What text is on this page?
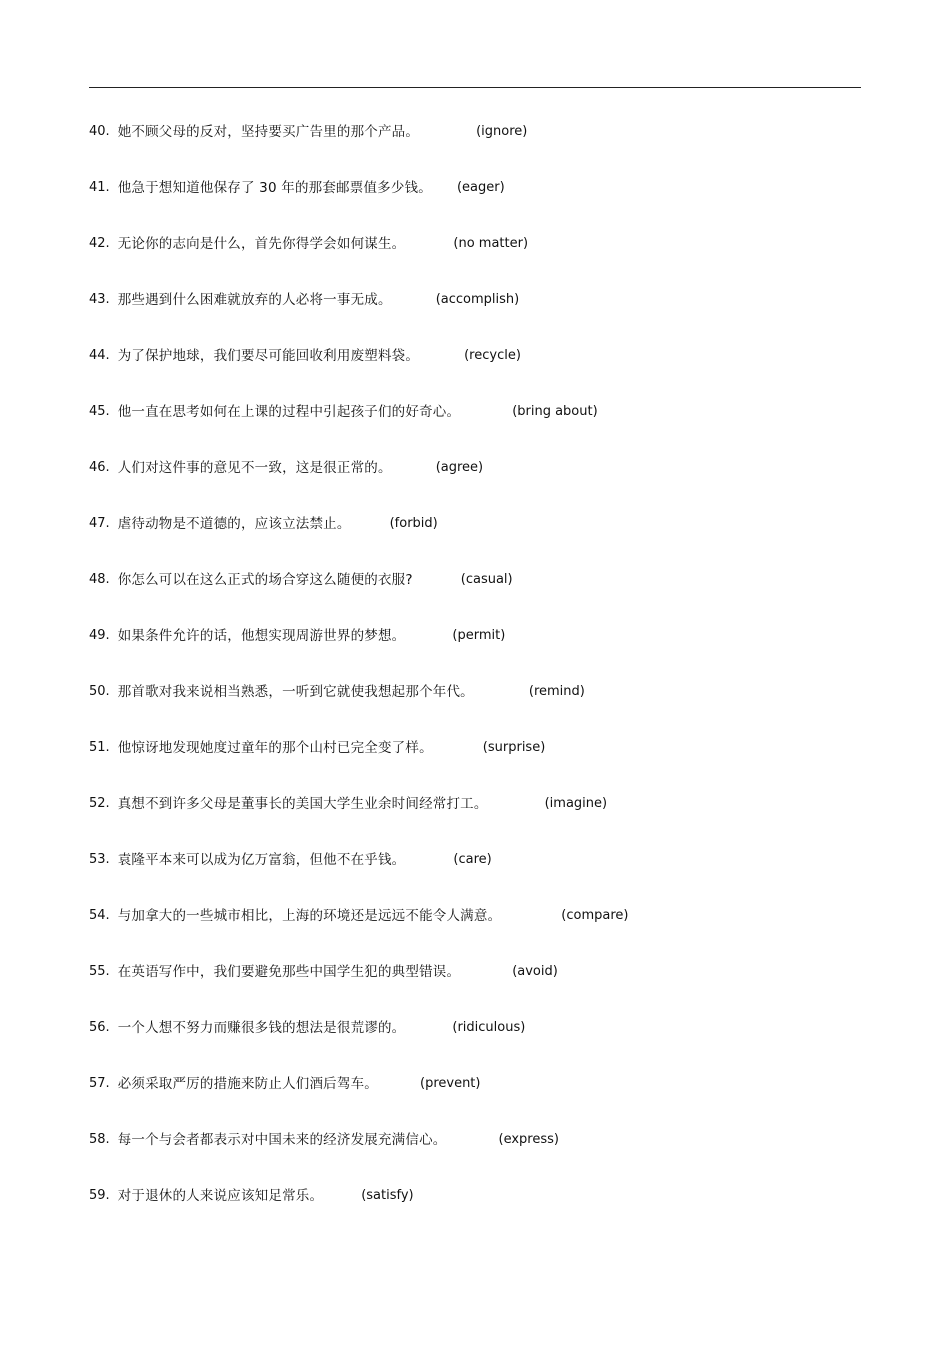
40. 她不顾父母的反对，坚持要买广告里的那个产品。	(ignore)
41. 他急于想知道他保存了 30 年的那套邮票值多少钱。 (eager)
42. 无论你的志向是什么，首先你得学会如何谋生。	(no matter)
43. 那些遇到什么困难就放弃的人必将一事无成。	(accomplish)
44. 为了保护地球，我们要尽可能回收利用废塑料袋。	(recycle)
45. 他一直在思考如何在上课的过程中引起孩子们的好奇心。	(bring about)
46. 人们对这件事的意见不一致，这是很正常的。	(agree)
47. 虐待动物是不道德的，应该立法禁止。	(forbid)
48. 你怎么可以在这么正式的场合穿这么随便的衣服?	(casual)
49. 如果条件允许的话，他想实现周游世界的梦想。	(permit)
50. 那首歌对我来说相当熟悉，一听到它就使我想起那个年代。	(remind)
51. 他惊讶地发现她度过童年的那个山村已完全变了样。	(surprise)
52. 真想不到许多父母是董事长的美国大学生业余时间经常打工。	(imagine)
53. 袁隆平本来可以成为亿万富翁，但他不在乎钱。	(care)
54. 与加拿大的一些城市相比，上海的环境还是远远不能令人满意。	(compare)
55. 在英语写作中，我们要避免那些中国学生犯的典型错误。	(avoid)
56. 一个人想不努力而赚很多钱的想法是很荒谬的。	(ridiculous)
57. 必须采取严厉的措施来防止人们酒后驾车。	(prevent)
58. 每一个与会者都表示对中国未来的经济发展充满信心。	(express)
59. 对于退休的人来说应该知足常乐。	(satisfy)
